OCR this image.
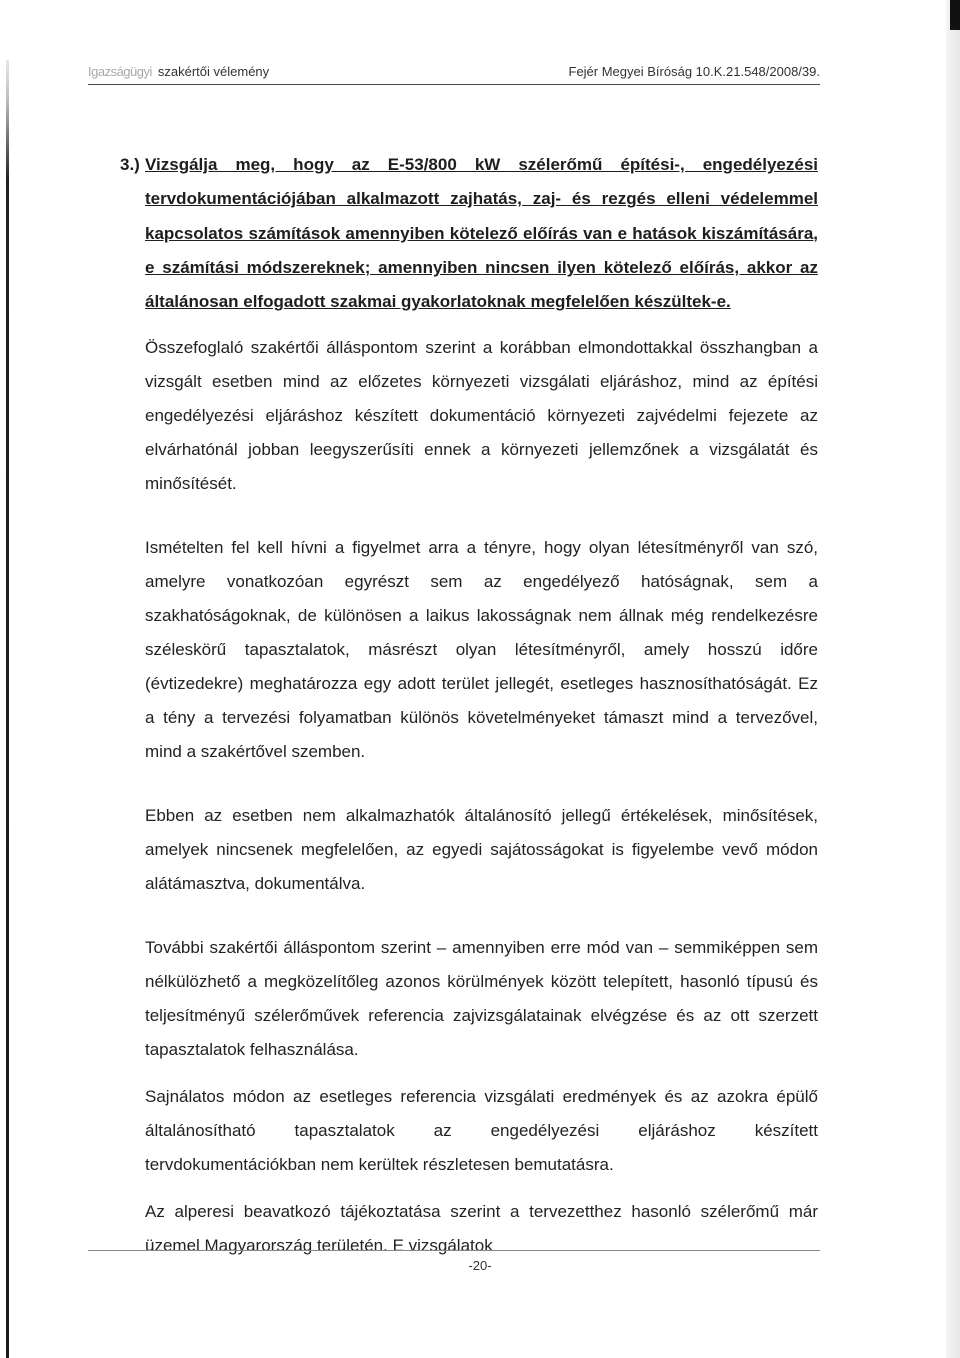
Igazságügyi szakértői vélemény	Fejér Megyei Bíróság 10.K.21.548/2008/39.
3.) Vizsgálja meg, hogy az E-53/800 kW szélerőmű építési-, engedélyezési tervdokumentációjában alkalmazott zajhatás, zaj- és rezgés elleni védelemmel kapcsolatos számítások amennyiben kötelező előírás van e hatások kiszámítására, e számítási módszereknek; amennyiben nincsen ilyen kötelező előírás, akkor az általánosan elfogadott szakmai gyakorlatoknak megfelelően készültek-e.

Összefoglaló szakértői álláspontom szerint a korábban elmondottakkal összhangban a vizsgált esetben mind az előzetes környezeti vizsgálati eljáráshoz, mind az építési engedélyezési eljáráshoz készített dokumentáció környezeti zajvédelmi fejezete az elvárhatónál jobban leegyszerűsíti ennek a környezeti jellemzőnek a vizsgálatát és minősítését.

Ismételten fel kell hívni a figyelmet arra a tényre, hogy olyan létesítményről van szó, amelyre vonatkozóan egyrészt sem az engedélyező hatóságnak, sem a szakhatóságoknak, de különösen a laikus lakosságnak nem állnak még rendelkezésre széleskörű tapasztalatok, másrészt olyan létesítményről, amely hosszú időre (évtizedekre) meghatározza egy adott terület jellegét, esetleges hasznosíthatóságát. Ez a tény a tervezési folyamatban különös követelményeket támaszt mind a tervezővel, mind a szakértővel szemben.

Ebben az esetben nem alkalmazhatók általánosító jellegű értékelések, minősítések, amelyek nincsenek megfelelően, az egyedi sajátosságokat is figyelembe vevő módon alátámasztva, dokumentálva.

További szakértői álláspontom szerint – amennyiben erre mód van – semmiképpen sem nélkülözhető a megközelítőleg azonos körülmények között telepített, hasonló típusú és teljesítményű szélerőművek referencia zajvizsgálatainak elvégzése és az ott szerzett tapasztalatok felhasználása.

Sajnálatos módon az esetleges referencia vizsgálati eredmények és az azokra épülő általánosítható tapasztalatok az engedélyezési eljáráshoz készített tervdokumentációkban nem kerültek részletesen bemutatásra.

Az alperesi beavatkozó tájékoztatása szerint a tervezetthez hasonló szélerőmű már üzemel Magyarország területén. E vizsgálatok

-20-
